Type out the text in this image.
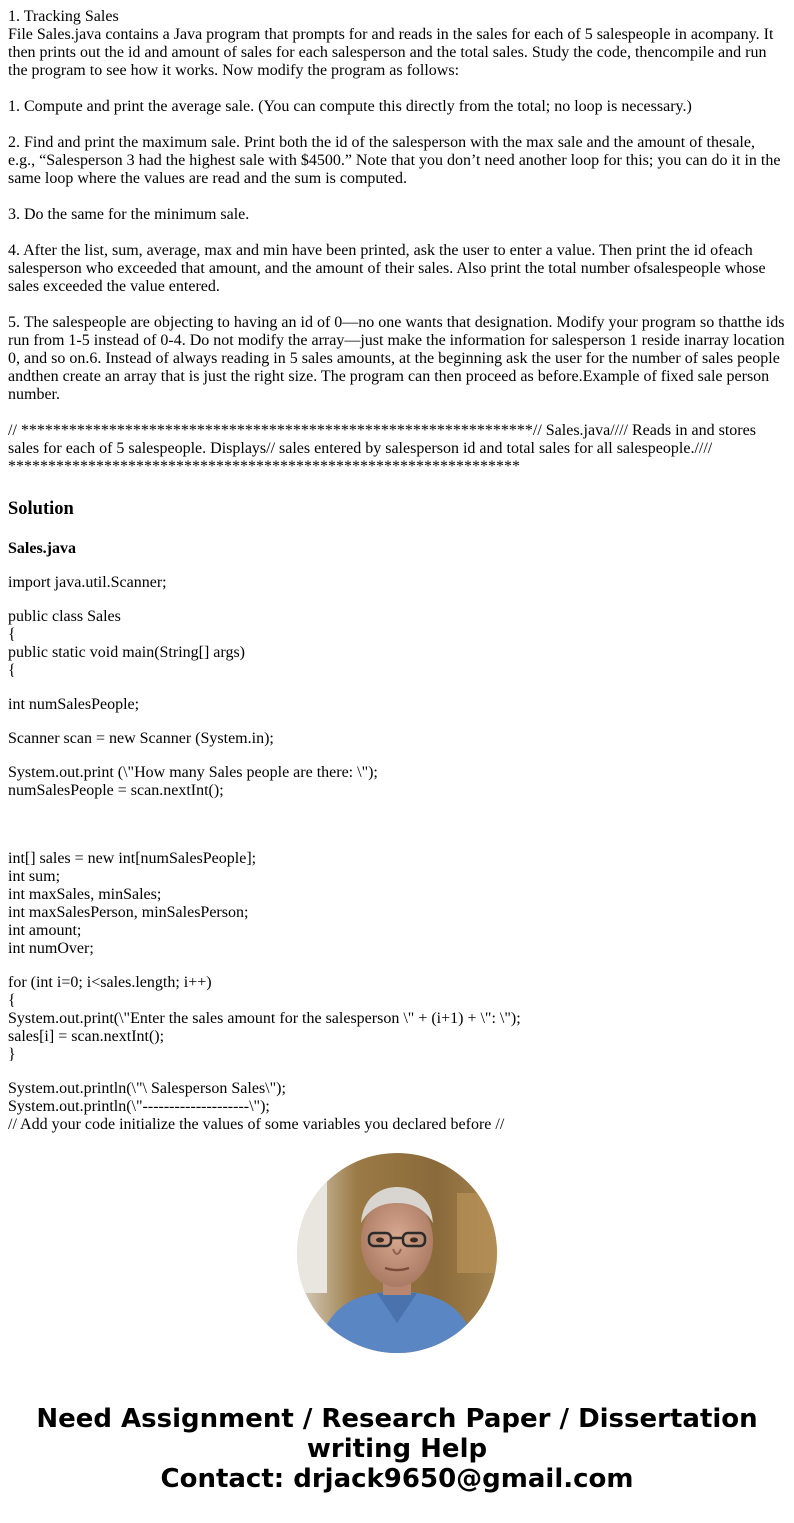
1. Tracking Sales
File Sales.java contains a Java program that prompts for and reads in the sales for each of 5 salespeople in acompany. It then prints out the id and amount of sales for each salesperson and the total sales. Study the code, thencompile and run the program to see how it works. Now modify the program as follows:

1. Compute and print the average sale. (You can compute this directly from the total; no loop is necessary.)

2. Find and print the maximum sale. Print both the id of the salesperson with the max sale and the amount of thesale, e.g., “Salesperson 3 had the highest sale with $4500.” Note that you don’t need another loop for this; you can do it in the same loop where the values are read and the sum is computed.

3. Do the same for the minimum sale.

4. After the list, sum, average, max and min have been printed, ask the user to enter a value. Then print the id ofeach salesperson who exceeded that amount, and the amount of their sales. Also print the total number ofsalespeople whose sales exceeded the value entered.

5. The salespeople are objecting to having an id of 0—no one wants that designation. Modify your program so thatthe ids run from 1-5 instead of 0-4. Do not modify the array—just make the information for salesperson 1 reside inarray location 0, and so on.6. Instead of always reading in 5 sales amounts, at the beginning ask the user for the number of sales people andthen create an array that is just the right size. The program can then proceed as before.Example of fixed sale person number.

// ****************************************************************// Sales.java//// Reads in and stores sales for each of 5 salespeople. Displays// sales entered by salesperson id and total sales for all salespeople.//// ****************************************************************

Solution

Sales.java

import java.util.Scanner;

public class Sales
{
public static void main(String[] args)
{

int numSalesPeople;

Scanner scan = new Scanner (System.in);

System.out.print (\"How many Sales people are there: \");
numSalesPeople = scan.nextInt();

int[] sales = new int[numSalesPeople];
int sum;
int maxSales, minSales;
int maxSalesPerson, minSalesPerson;
int amount;
int numOver;

for (int i=0; i<sales.length; i++)
{
System.out.print(\"Enter the sales amount for the salesperson \" + (i+1) + \": \");
sales[i] = scan.nextInt();
}

System.out.println(\"\ Salesperson Sales\");
System.out.println(\"--------------------\");
// Add your code initialize the values of some variables you declared before //

Need Assignment / Research Paper / Dissertation
writing Help
Contact: drjack9650@gmail.com
